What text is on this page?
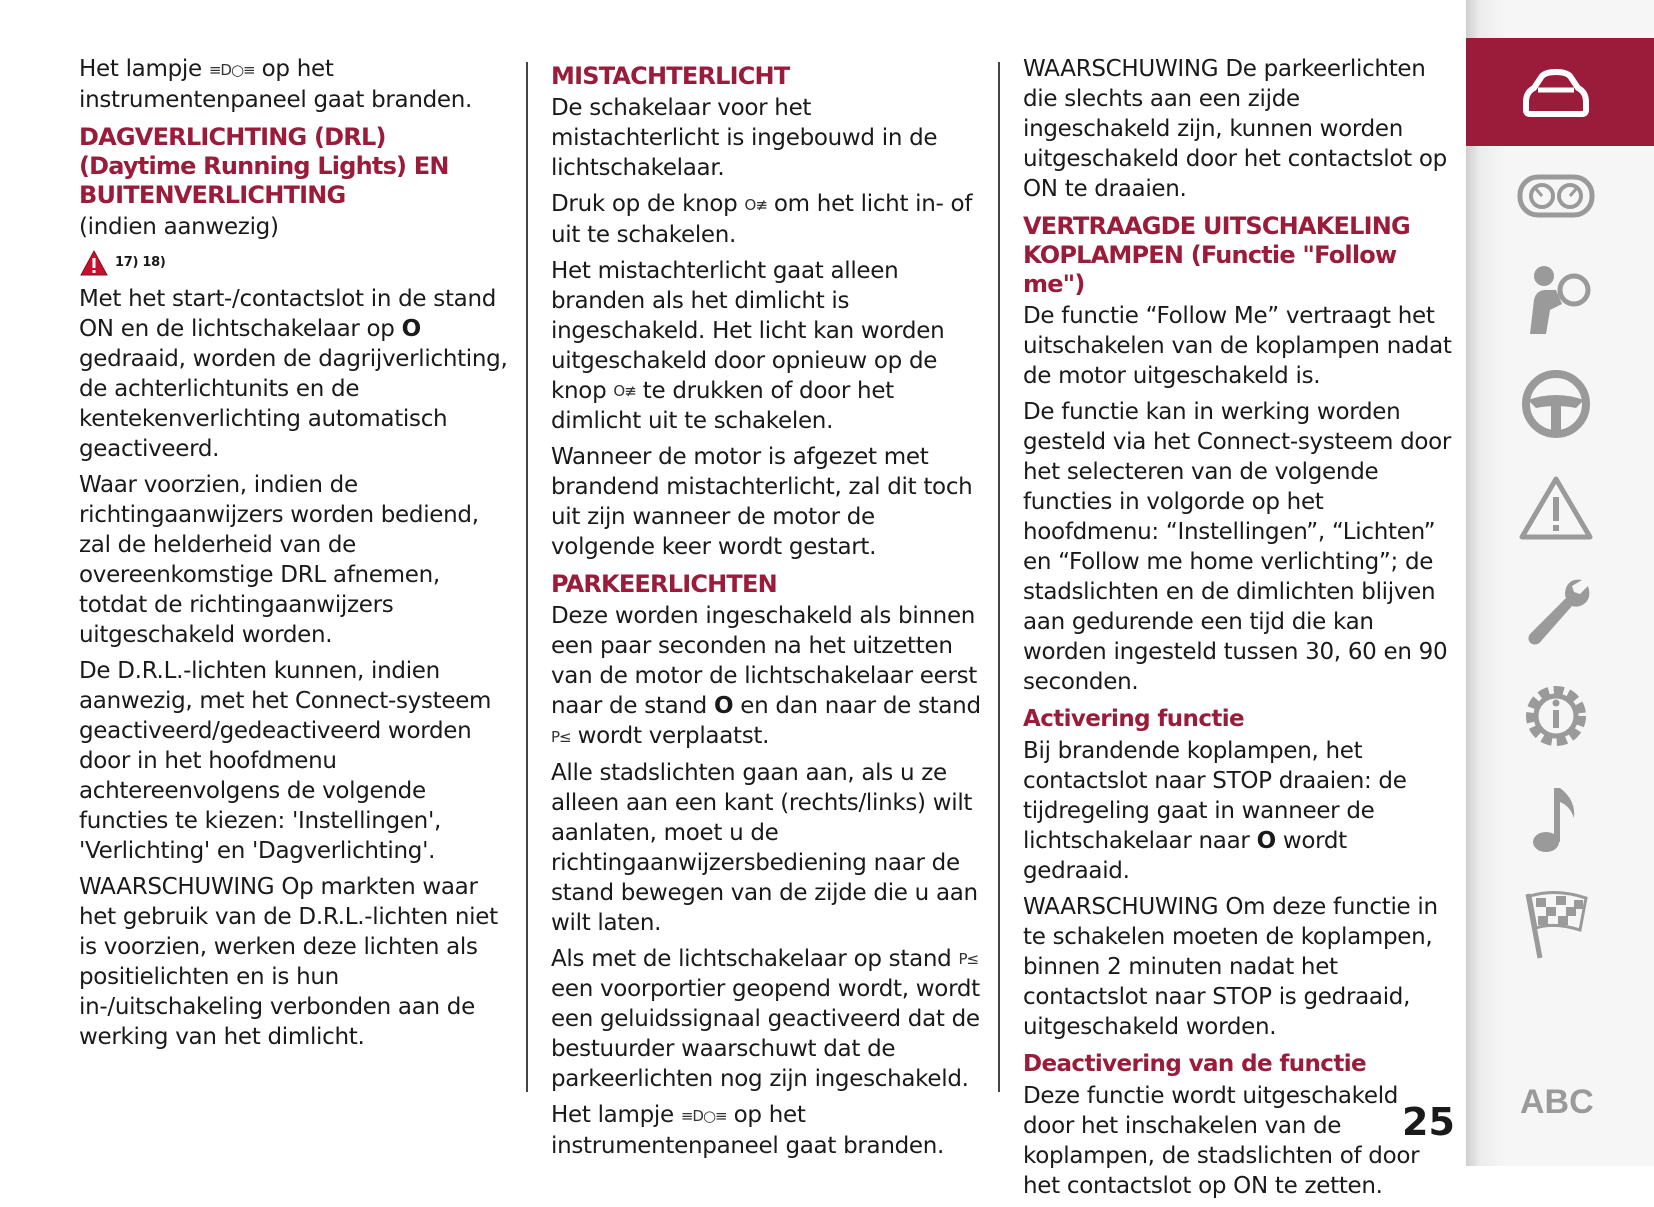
Het lampje ≡D○≡ op het instrumentenpaneel gaat branden.

DAGVERLICHTING (DRL) (Daytime Running Lights) EN BUITENVERLICHTING

(indien aanwezig)

17) 18)

Met het start-/contactslot in de stand ON en de lichtschakelaar op O gedraaid, worden de dagrijverlichting, de achterlichtunits en de kentekenverlichting automatisch geactiveerd.

Waar voorzien, indien de richtingaanwijzers worden bediend, zal de helderheid van de overeenkomstige DRL afnemen, totdat de richtingaanwijzers uitgeschakeld worden.

De D.R.L.-lichten kunnen, indien aanwezig, met het Connect-systeem geactiveerd/gedeactiveerd worden door in het hoofdmenu achtereenvolgens de volgende functies te kiezen: 'Instellingen', 'Verlichting' en 'Dagverlichting'.

WAARSCHUWING Op markten waar het gebruik van de D.R.L.-lichten niet is voorzien, werken deze lichten als positielichten en is hun in-/uitschakeling verbonden aan de werking van het dimlicht.

MISTACHTERLICHT

De schakelaar voor het mistachterlicht is ingebouwd in de lichtschakelaar.

Druk op de knop O≢ om het licht in- of uit te schakelen.

Het mistachterlicht gaat alleen branden als het dimlicht is ingeschakeld. Het licht kan worden uitgeschakeld door opnieuw op de knop O≢ te drukken of door het dimlicht uit te schakelen.

Wanneer de motor is afgezet met brandend mistachterlicht, zal dit toch uit zijn wanneer de motor de volgende keer wordt gestart.

PARKEERLICHTEN

Deze worden ingeschakeld als binnen een paar seconden na het uitzetten van de motor de lichtschakelaar eerst naar de stand O en dan naar de stand P≤ wordt verplaatst.

Alle stadslichten gaan aan, als u ze alleen aan een kant (rechts/links) wilt aanlaten, moet u de richtingaanwijzersbediening naar de stand bewegen van de zijde die u aan wilt laten.

Als met de lichtschakelaar op stand P≤ een voorportier geopend wordt, wordt een geluidssignaal geactiveerd dat de bestuurder waarschuwt dat de parkeerlichten nog zijn ingeschakeld.

Het lampje ≡D○≡ op het instrumentenpaneel gaat branden.

WAARSCHUWING De parkeerlichten die slechts aan een zijde ingeschakeld zijn, kunnen worden uitgeschakeld door het contactslot op ON te draaien.

VERTRAAGDE UITSCHAKELING KOPLAMPEN (Functie "Follow me")

De functie “Follow Me” vertraagt het uitschakelen van de koplampen nadat de motor uitgeschakeld is.

De functie kan in werking worden gesteld via het Connect-systeem door het selecteren van de volgende functies in volgorde op het hoofdmenu: “Instellingen”, “Lichten” en “Follow me home verlichting”; de stadslichten en de dimlichten blijven aan gedurende een tijd die kan worden ingesteld tussen 30, 60 en 90 seconden.

Activering functie

Bij brandende koplampen, het contactslot naar STOP draaien: de tijdregeling gaat in wanneer de lichtschakelaar naar O wordt gedraaid.

WAARSCHUWING Om deze functie in te schakelen moeten de koplampen, binnen 2 minuten nadat het contactslot naar STOP is gedraaid, uitgeschakeld worden.

Deactivering van de functie

Deze functie wordt uitgeschakeld door het inschakelen van de koplampen, de stadslichten of door het contactslot op ON te zetten.

25 ABC
